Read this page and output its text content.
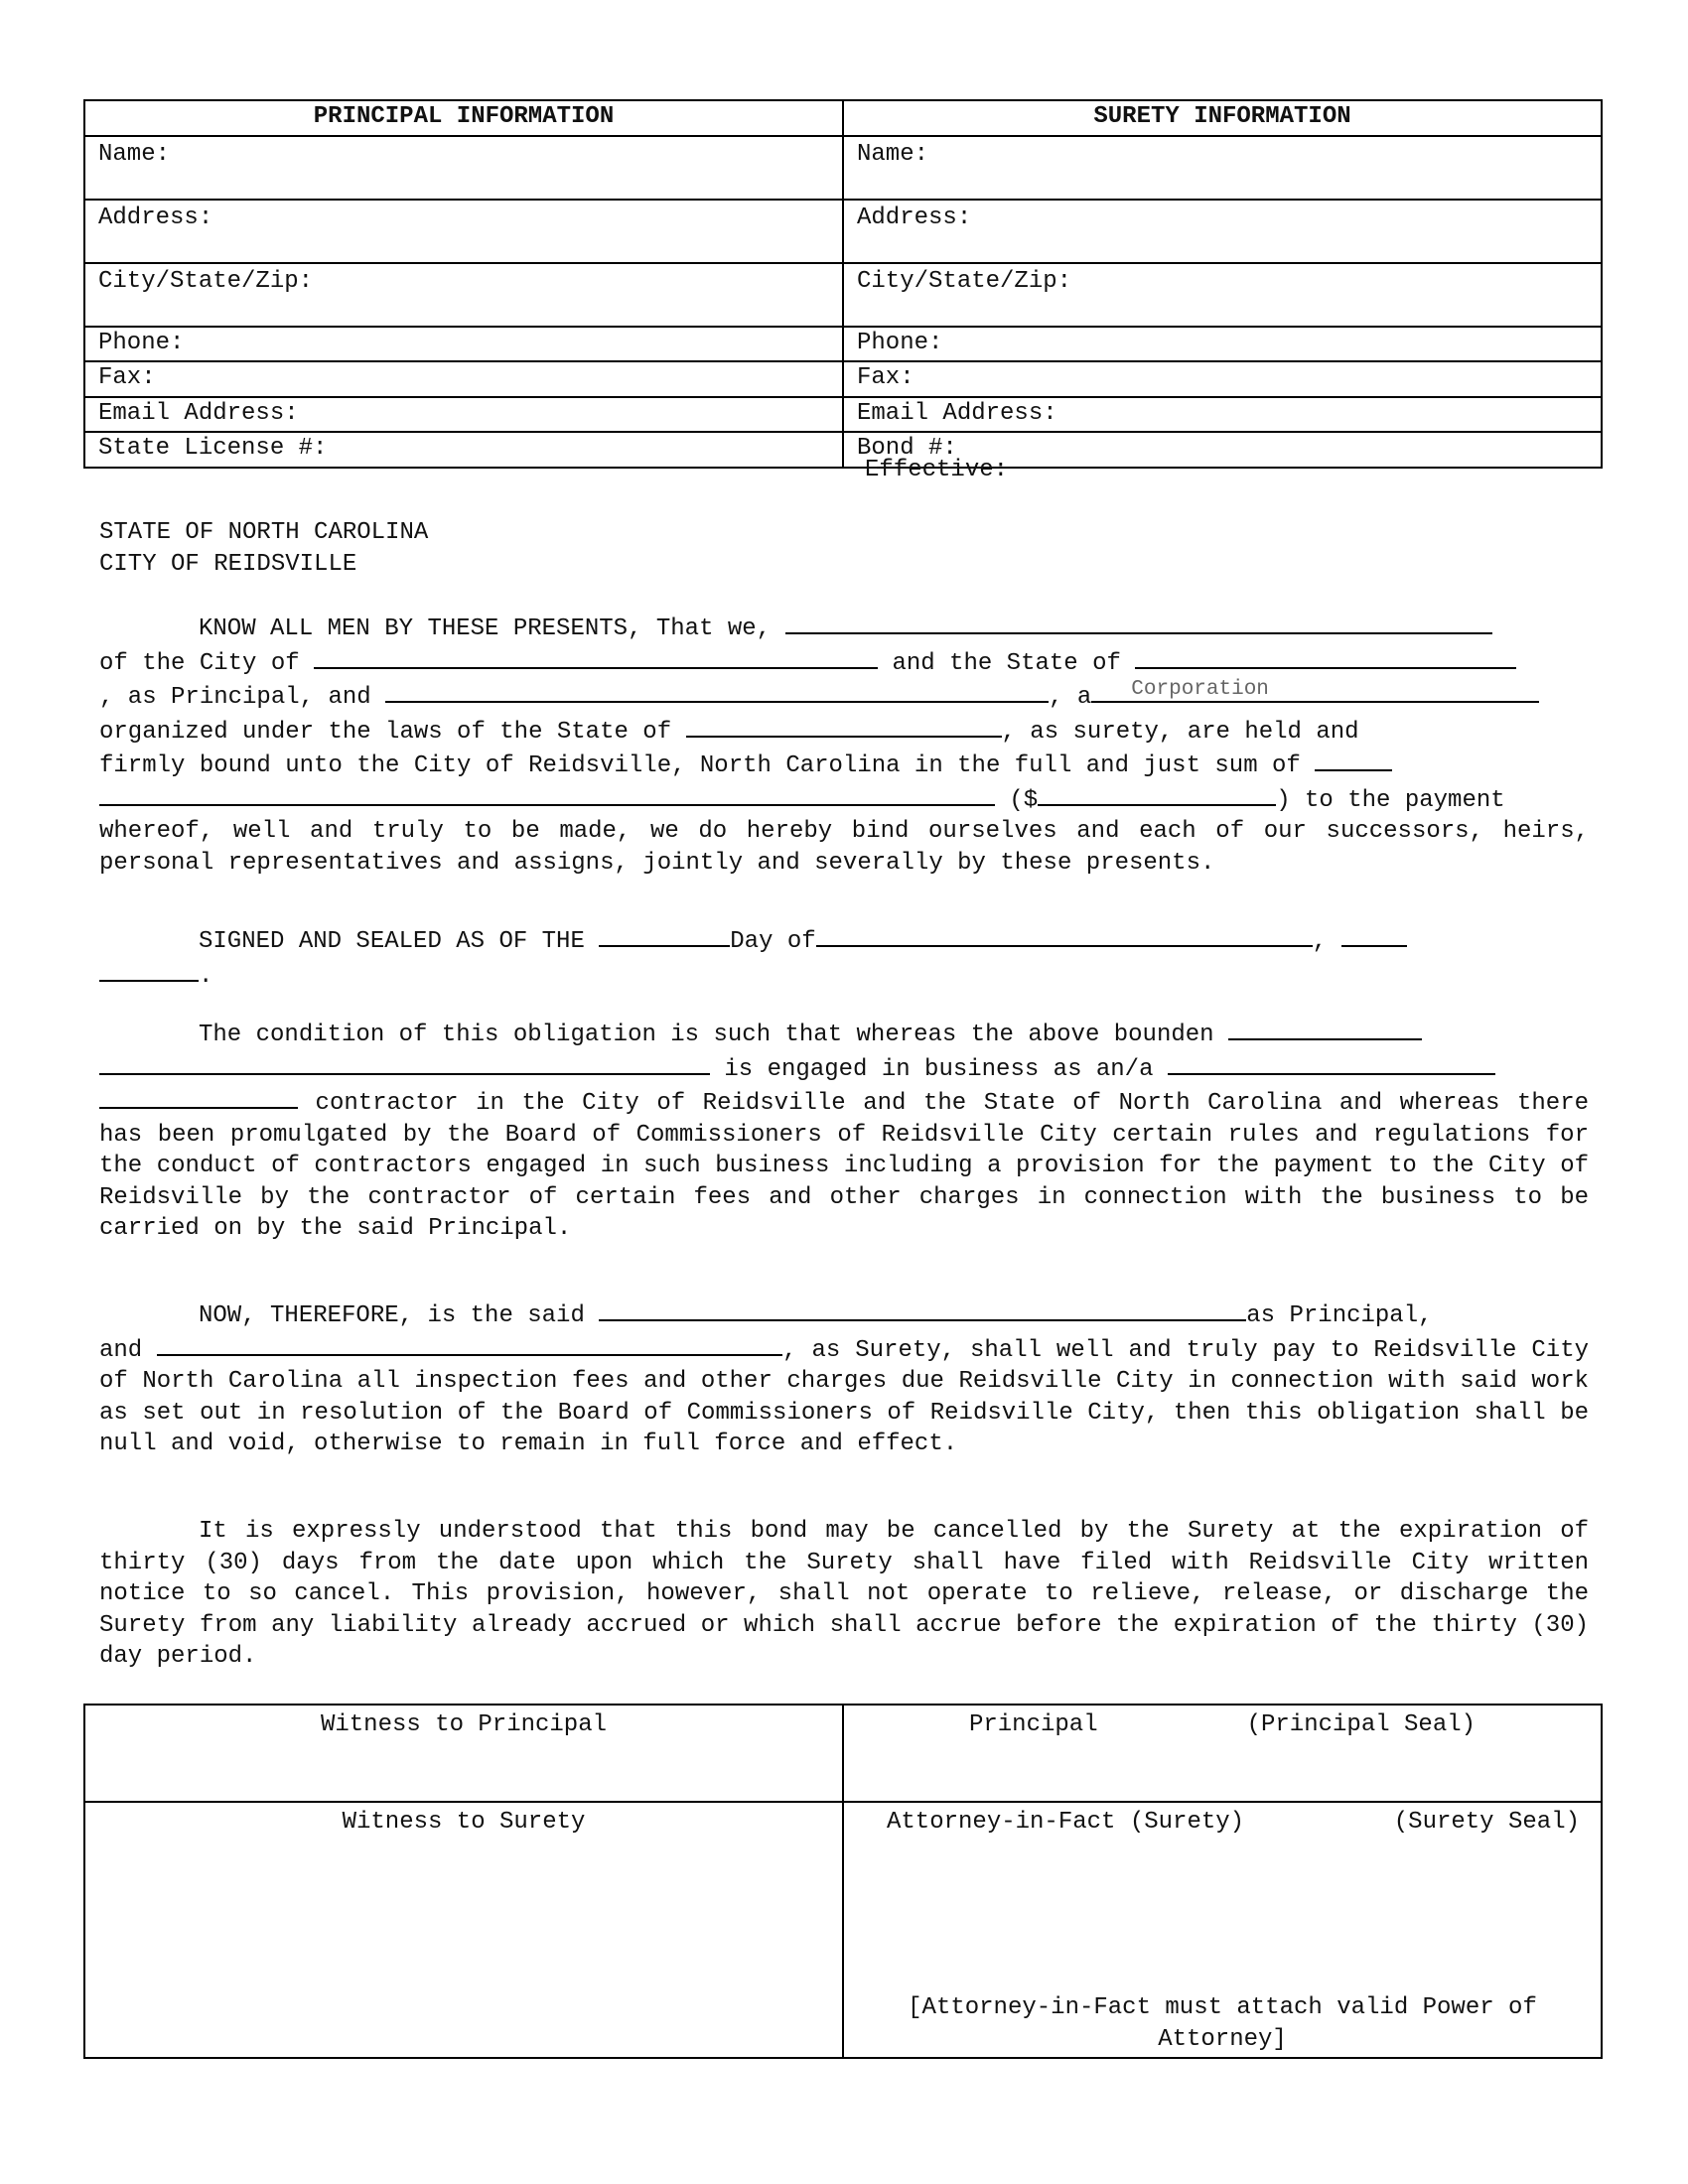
PRINCIPAL INFORMATION	SURETY INFORMATION
Name:	Name:
Address:	Address:
City/State/Zip:	City/State/Zip:
Phone:	Phone:
Fax:	Fax:
Email Address:	Email Address:
State License #:	Bond #:
Effective:
STATE OF NORTH CAROLINA
CITY OF REIDSVILLE
KNOW ALL MEN BY THESE PRESENTS, That we,
of the City of	and the State of
, as Principal, and	, a Corporation
organized under the laws of the State of	, as surety, are held and
firmly bound unto the City of Reidsville, North Carolina in the full and just sum of
($	) to the payment

whereof, well and truly to be made, we do hereby bind ourselves and each of our successors, heirs, personal representatives and assigns, jointly and severally by these presents.

SIGNED AND SEALED AS OF THE	Day of	,
.
The condition of this obligation is such that whereas the above bounden
is engaged in business as an/a

contractor in the City of Reidsville and the State of North Carolina and whereas there has been promulgated by the Board of Commissioners of Reidsville City certain rules and regulations for the conduct of contractors engaged in such business including a provision for the payment to the City of Reidsville by the contractor of certain fees and other charges in connection with the business to be carried on by the said Principal.

NOW, THEREFORE, is the said	as Principal,

and	, as Surety, shall well and truly pay to Reidsville City of North Carolina all inspection fees and other charges due Reidsville City in connection with said work as set out in resolution of the Board of Commissioners of Reidsville City, then this obligation shall be null and void, otherwise to remain in full force and effect.

It is expressly understood that this bond may be cancelled by the Surety at the expiration of thirty (30) days from the date upon which the Surety shall have filed with Reidsville City written notice to so cancel. This provision, however, shall not operate to relieve, release, or discharge the Surety from any liability already accrued or which shall accrue before the expiration of the thirty (30) day period.

Witness to Principal	Principal (Principal Seal)
Witness to Surety	Attorney-in-Fact (Surety) (Surety Seal)
[Attorney-in-Fact must attach valid Power of Attorney]
